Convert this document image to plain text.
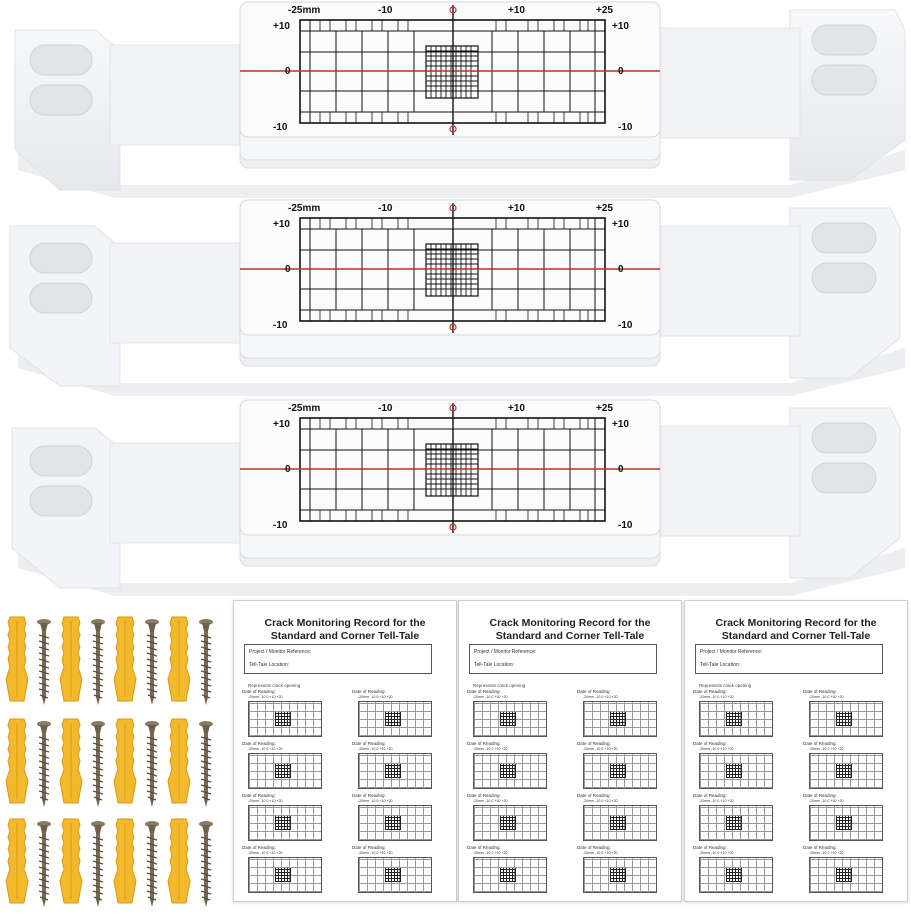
-25mm	-10	+10	+25
+10	+10
0	0
-10	-10
-25mm	-10	+10	+25
+10	+10
0	0
-10	-10
-25mm	-10	+10	+25
+10	+10
0	0
-10	-10
Crack Monitoring Record for the
Standard and Corner Tell-Tale
Project / Monitor Reference:
Tell-Tale Location:
Represents crack opening
Date of Reading:
-20mm -10 0 +10 +20
Date of Reading:
-20mm -10 0 +10 +20
Date of Reading:
-20mm -10 0 +10 +20
Date of Reading:
-20mm -10 0 +10 +20
Date of Reading:
-20mm -10 0 +10 +20
Date of Reading:
-20mm -10 0 +10 +20
Date of Reading:
-20mm -10 0 +10 +20
Date of Reading:
-20mm -10 0 +10 +20
Crack Monitoring Record for the
Standard and Corner Tell-Tale
Project / Monitor Reference:
Tell-Tale Location:
Represents crack opening
Date of Reading:
-20mm -10 0 +10 +20
Date of Reading:
-20mm -10 0 +10 +20
Date of Reading:
-20mm -10 0 +10 +20
Date of Reading:
-20mm -10 0 +10 +20
Date of Reading:
-20mm -10 0 +10 +20
Date of Reading:
-20mm -10 0 +10 +20
Date of Reading:
-20mm -10 0 +10 +20
Date of Reading:
-20mm -10 0 +10 +20
Crack Monitoring Record for the
Standard and Corner Tell-Tale
Project / Monitor Reference:
Tell-Tale Location:
Represents crack opening
Date of Reading:
-20mm -10 0 +10 +20
Date of Reading:
-20mm -10 0 +10 +20
Date of Reading:
-20mm -10 0 +10 +20
Date of Reading:
-20mm -10 0 +10 +20
Date of Reading:
-20mm -10 0 +10 +20
Date of Reading:
-20mm -10 0 +10 +20
Date of Reading:
-20mm -10 0 +10 +20
Date of Reading:
-20mm -10 0 +10 +20
